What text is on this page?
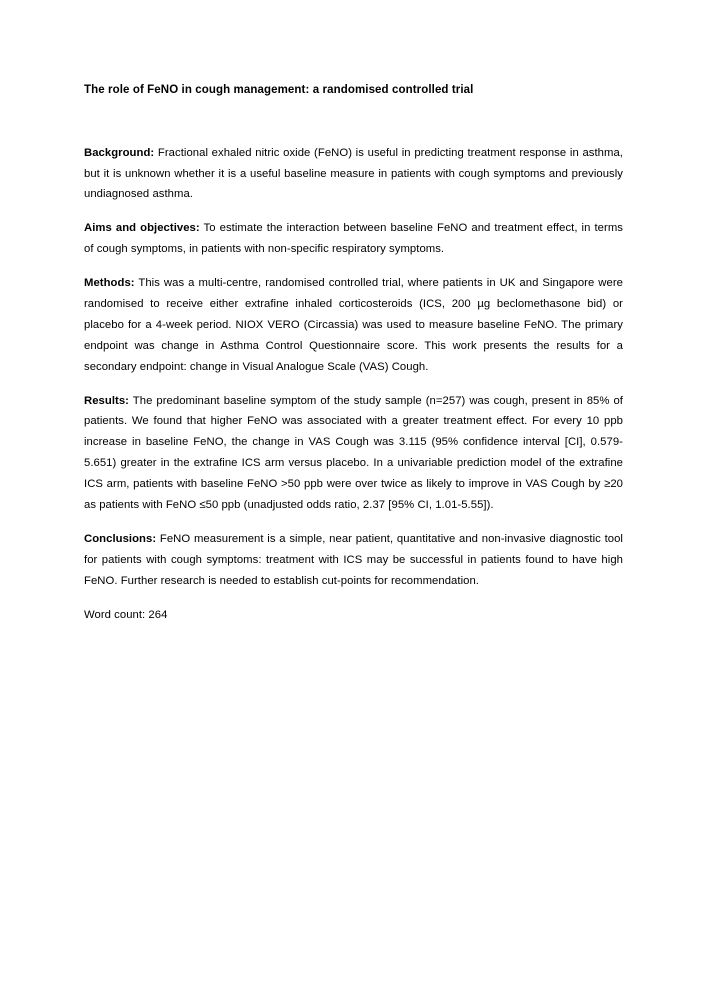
The role of FeNO in cough management: a randomised controlled trial

Background: Fractional exhaled nitric oxide (FeNO) is useful in predicting treatment response in asthma, but it is unknown whether it is a useful baseline measure in patients with cough symptoms and previously undiagnosed asthma.

Aims and objectives: To estimate the interaction between baseline FeNO and treatment effect, in terms of cough symptoms, in patients with non-specific respiratory symptoms.

Methods: This was a multi-centre, randomised controlled trial, where patients in UK and Singapore were randomised to receive either extrafine inhaled corticosteroids (ICS, 200 µg beclomethasone bid) or placebo for a 4-week period. NIOX VERO (Circassia) was used to measure baseline FeNO. The primary endpoint was change in Asthma Control Questionnaire score. This work presents the results for a secondary endpoint: change in Visual Analogue Scale (VAS) Cough.

Results: The predominant baseline symptom of the study sample (n=257) was cough, present in 85% of patients. We found that higher FeNO was associated with a greater treatment effect. For every 10 ppb increase in baseline FeNO, the change in VAS Cough was 3.115 (95% confidence interval [CI], 0.579-5.651) greater in the extrafine ICS arm versus placebo. In a univariable prediction model of the extrafine ICS arm, patients with baseline FeNO >50 ppb were over twice as likely to improve in VAS Cough by ≥20 as patients with FeNO ≤50 ppb (unadjusted odds ratio, 2.37 [95% CI, 1.01-5.55]).

Conclusions: FeNO measurement is a simple, near patient, quantitative and non-invasive diagnostic tool for patients with cough symptoms: treatment with ICS may be successful in patients found to have high FeNO. Further research is needed to establish cut-points for recommendation.

Word count: 264
